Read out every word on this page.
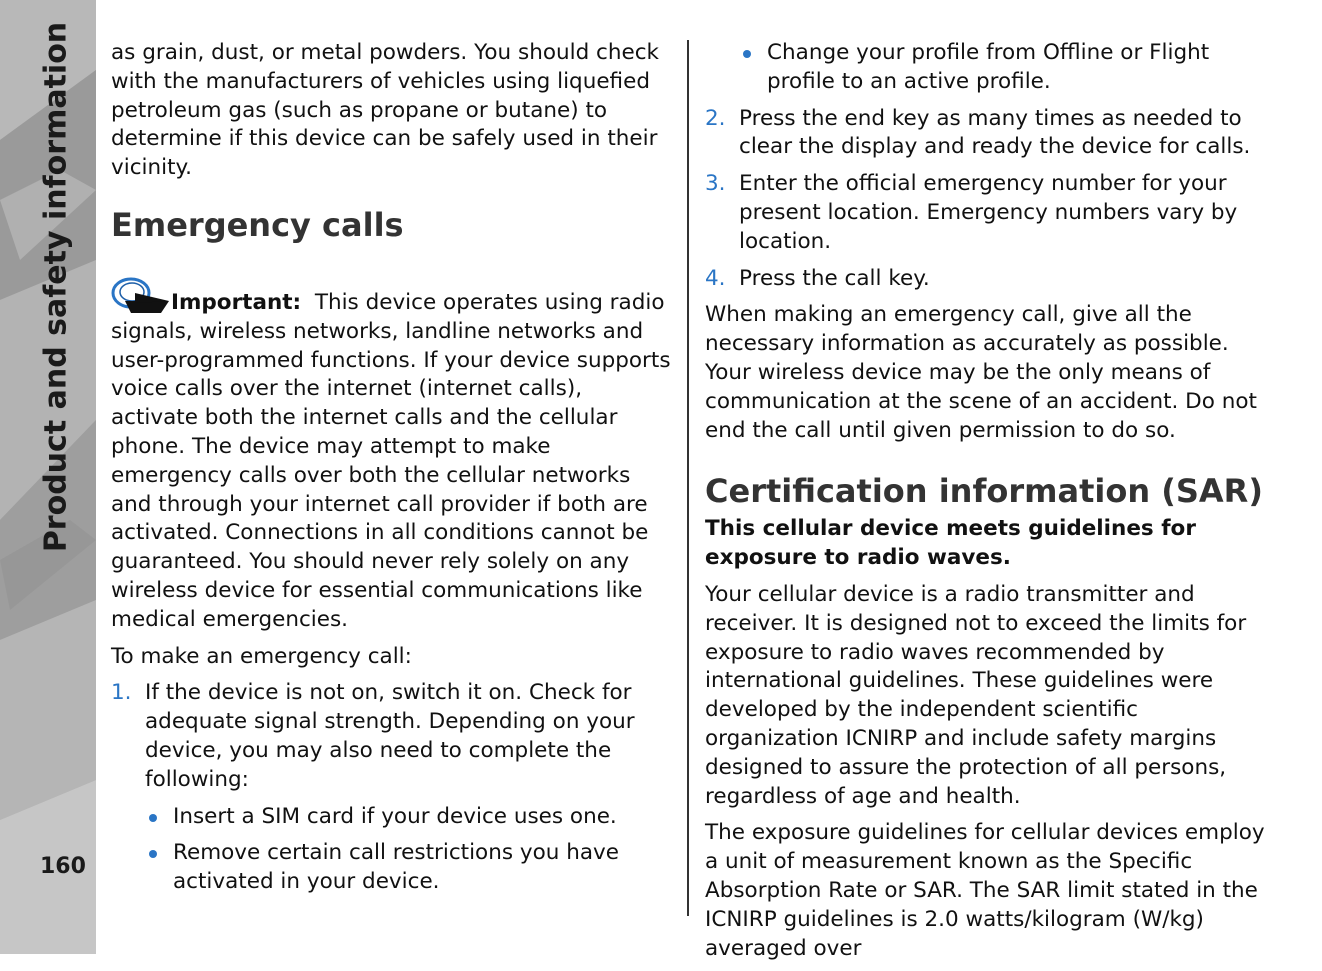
Product and safety information
160

as grain, dust, or metal powders. You should check with the manufacturers of vehicles using liquefied petroleum gas (such as propane or butane) to determine if this device can be safely used in their vicinity.

Emergency calls
Important: This device operates using radio signals, wireless networks, landline networks and user-programmed functions. If your device supports voice calls over the internet (internet calls), activate both the internet calls and the cellular phone. The device may attempt to make emergency calls over both the cellular networks and through your internet call provider if both are activated. Connections in all conditions cannot be guaranteed. You should never rely solely on any wireless device for essential communications like medical emergencies.

To make an emergency call:

1. If the device is not on, switch it on. Check for adequate signal strength. Depending on your device, you may also need to complete the following:
Insert a SIM card if your device uses one.
Remove certain call restrictions you have activated in your device.
Change your profile from Offline or Flight profile to an active profile.
2. Press the end key as many times as needed to clear the display and ready the device for calls.
3. Enter the official emergency number for your present location. Emergency numbers vary by location.
4. Press the call key.

When making an emergency call, give all the necessary information as accurately as possible. Your wireless device may be the only means of communication at the scene of an accident. Do not end the call until given permission to do so.

Certification information (SAR)

This cellular device meets guidelines for exposure to radio waves.

Your cellular device is a radio transmitter and receiver. It is designed not to exceed the limits for exposure to radio waves recommended by international guidelines. These guidelines were developed by the independent scientific organization ICNIRP and include safety margins designed to assure the protection of all persons, regardless of age and health.

The exposure guidelines for cellular devices employ a unit of measurement known as the Specific Absorption Rate or SAR. The SAR limit stated in the ICNIRP guidelines is 2.0 watts/kilogram (W/kg) averaged over
